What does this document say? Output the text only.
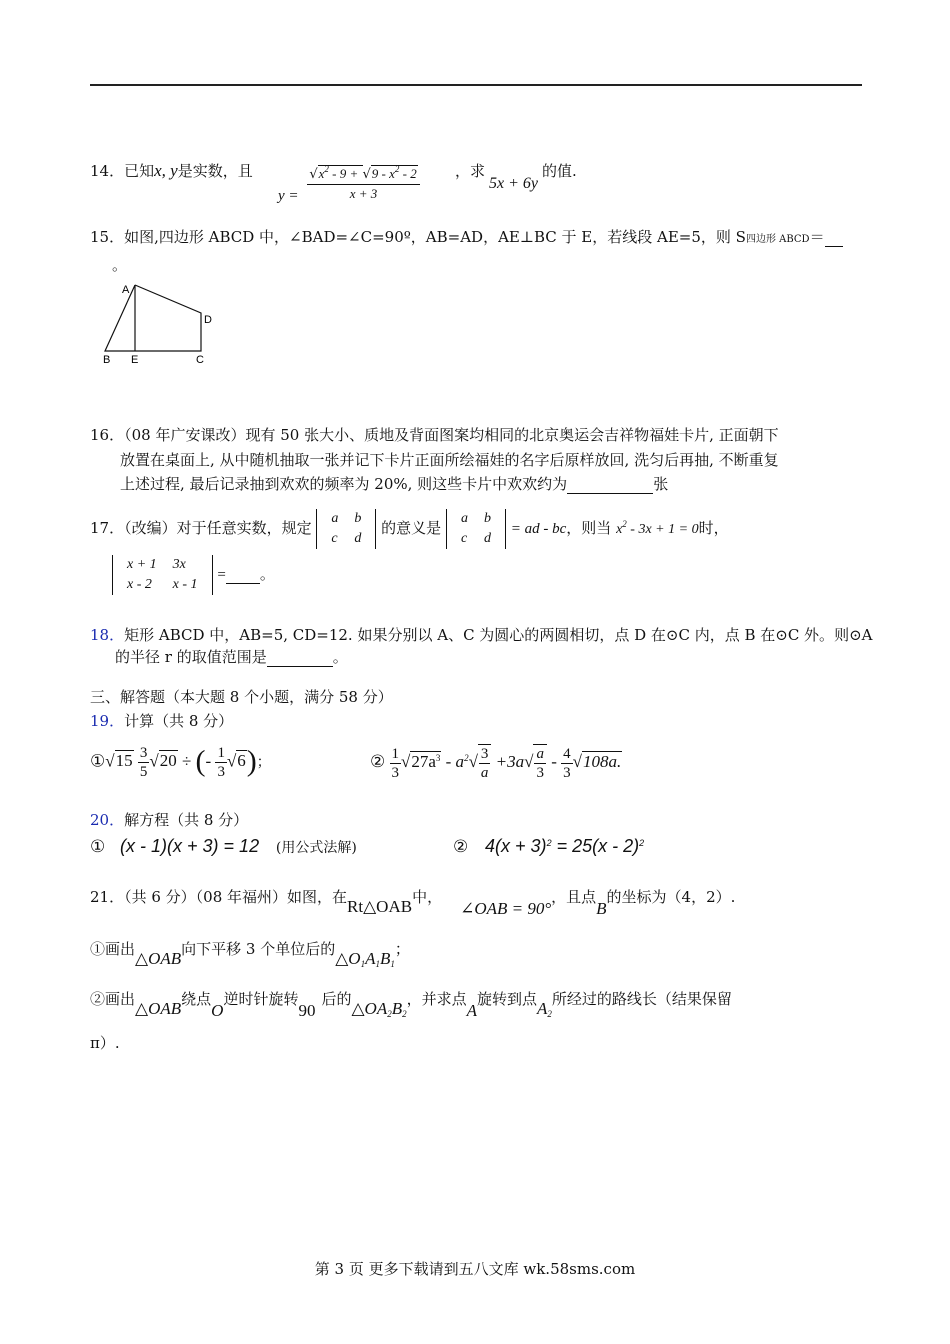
14．已知x, y是实数，且
$y = \frac{√x^2 - 9 + √9 - x^2 - 2}{x + 3}$ ，求5x + 6y的值.
15．如图,四边形 ABCD 中，∠BAD=∠C=90º，AB=AD，AE⊥BC 于 E，若线段 AE=5，则 S四边形 ABCD＝
。
A
D
B E	C
16．（08 年广安课改）现有 50 张大小、质地及背面图案均相同的北京奥运会吉祥物福娃卡片, 正面朝下
放置在桌面上, 从中随机抽取一张并记下卡片正面所绘福娃的名字后原样放回, 洗匀后再抽, 不断重复
上述过程, 最后记录抽到欢欢的频率为 20%, 则这些卡片中欢欢约为	张
17．（改编）对于任意实数，规定
a	b
c	d
的意义是
a	b
c	d
= ad - bc，则当 $x^2 - 3x + 1 = 0$时，
x + 1	3x
x - 2	x - 1
= 。
18．矩形 ABCD 中，AB=5, CD=12. 如果分别以 A、C 为圆心的两圆相切，点 D 在⊙C 内，点 B 在⊙C 外。则⊙A
的半径 r 的取值范围是	。
三、解答题（本大题 8 个小题，满分 58 分）
19．计算（共 8 分）
①√15 $\frac{3}{5} √20$ ÷ (- $\frac{1}{3} √6$)；	② $\frac{1}{3} √27a^3 - a^2√ \frac{3}{a} +3a√ \frac{a}{3} - \frac{4}{3} √108a$.
20．解方程（共 8 分）
① (x - 1)(x + 3) = 12 (用公式法解)	② $4(x + 3)^2 = 25(x - 2)^2$
21．（共 6 分）（08 年福州）如图，在Rt△OAB中，∠OAB = 90°，且点B的坐标为（4，2）.
①画出△OAB向下平移 3 个单位后的$\triangle O_1A_1B_1$；
②画出△OAB绕点O逆时针旋转90后的$\triangle OA_2B_2$，并求点A旋转到点$A_2$所经过的路线长（结果保留
π）.
第 3 页 更多下载请到五八文库 wk.58sms.com
